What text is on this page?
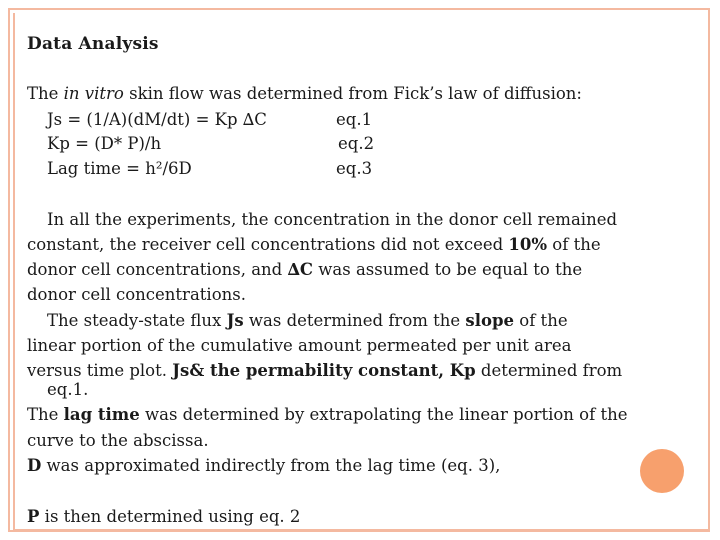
Data Analysis

The in vitro skin flow was determined from Fick’s law of diffusion:

Js = (1/A)(dM/dt) = Kp ∆C	eq.1

Kp = (D* P)/h	eq.2

Lag time = h²/6D	eq.3

In all the experiments, the concentration in the donor cell remained

constant, the receiver cell concentrations did not exceed 10% of the

donor cell concentrations, and ∆C was assumed to be equal to the

donor cell concentrations.

The steady-state flux Js was determined from the slope of the

linear portion of the cumulative amount permeated per unit area

versus time plot. Js& the permability constant, Kp determined from

eq.1.

The lag time was determined by extrapolating the linear portion of the

curve to the abscissa.

D was approximated indirectly from the lag time (eq. 3),

P is then determined using eq. 2
